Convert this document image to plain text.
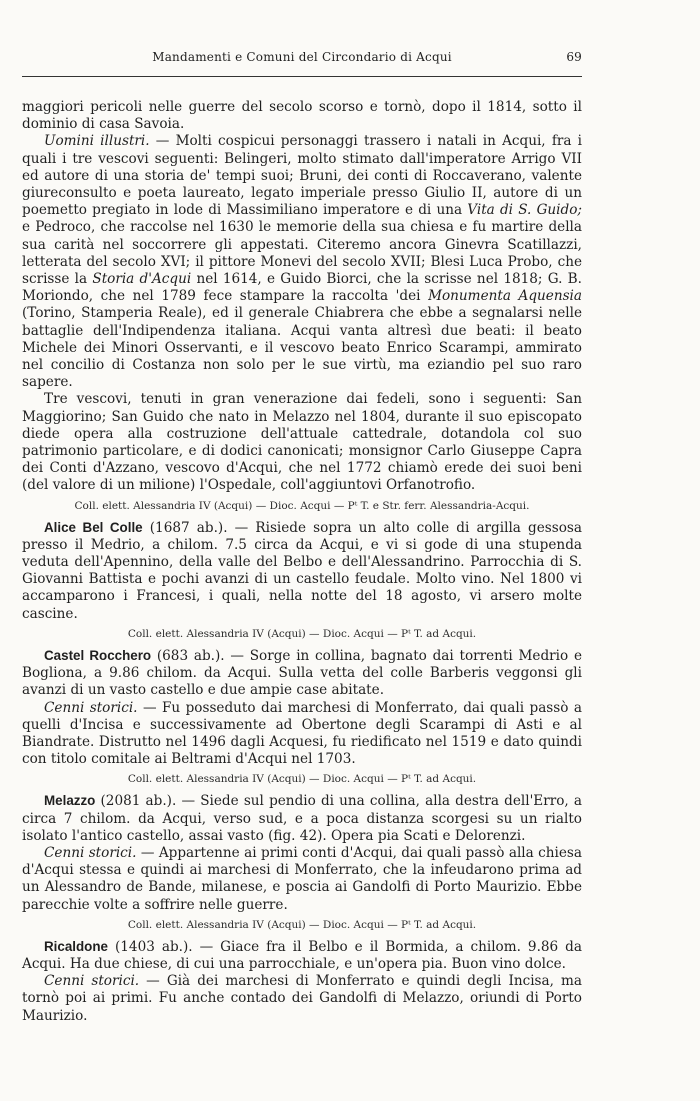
Mandamenti e Comuni del Circondario di Acqui	69

maggiori pericoli nelle guerre del secolo scorso e tornò, dopo il 1814, sotto il dominio di casa Savoia.

Uomini illustri. — Molti cospicui personaggi trassero i natali in Acqui, fra i quali i tre vescovi seguenti: Belingeri, molto stimato dall'imperatore Arrigo VII ed autore di una storia de' tempi suoi; Bruni, dei conti di Roccaverano, valente giureconsulto e poeta laureato, legato imperiale presso Giulio II, autore di un poemetto pregiato in lode di Massimiliano imperatore e di una Vita di S. Guido; e Pedroco, che raccolse nel 1630 le memorie della sua chiesa e fu martire della sua carità nel soccorrere gli appestati. Citeremo ancora Ginevra Scatillazzi, letterata del secolo XVI; il pittore Monevi del secolo XVII; Blesi Luca Probo, che scrisse la Storia d'Acqui nel 1614, e Guido Biorci, che la scrisse nel 1818; G. B. Moriondo, che nel 1789 fece stampare la raccolta 'dei Monumenta Aquensia (Torino, Stamperia Reale), ed il generale Chiabrera che ebbe a segnalarsi nelle battaglie dell'Indipendenza italiana. Acqui vanta altresì due beati: il beato Michele dei Minori Osservanti, e il vescovo beato Enrico Scarampi, ammirato nel concilio di Costanza non solo per le sue virtù, ma eziandio pel suo raro sapere.

Tre vescovi, tenuti in gran venerazione dai fedeli, sono i seguenti: San Maggiorino; San Guido che nato in Melazzo nel 1804, durante il suo episcopato diede opera alla costruzione dell'attuale cattedrale, dotandola col suo patrimonio particolare, e di dodici canonicati; monsignor Carlo Giuseppe Capra dei Conti d'Azzano, vescovo d'Acqui, che nel 1772 chiamò erede dei suoi beni (del valore di un milione) l'Ospedale, coll'aggiuntovi Orfanotrofio.

Coll. elett. Alessandria IV (Acqui) — Dioc. Acqui — Pᵗ T. e Str. ferr. Alessandria-Acqui.

Alice Bel Colle (1687 ab.). — Risiede sopra un alto colle di argilla gessosa presso il Medrio, a chilom. 7.5 circa da Acqui, e vi si gode di una stupenda veduta dell'Apennino, della valle del Belbo e dell'Alessandrino. Parrocchia di S. Giovanni Battista e pochi avanzi di un castello feudale. Molto vino. Nel 1800 vi accamparono i Francesi, i quali, nella notte del 18 agosto, vi arsero molte cascine.

Coll. elett. Alessandria IV (Acqui) — Dioc. Acqui — Pᵗ T. ad Acqui.

Castel Rocchero (683 ab.). — Sorge in collina, bagnato dai torrenti Medrio e Bogliona, a 9.86 chilom. da Acqui. Sulla vetta del colle Barberis veggonsi gli avanzi di un vasto castello e due ampie case abitate.

Cenni storici. — Fu posseduto dai marchesi di Monferrato, dai quali passò a quelli d'Incisa e successivamente ad Obertone degli Scarampi di Asti e al Biandrate. Distrutto nel 1496 dagli Acquesi, fu riedificato nel 1519 e dato quindi con titolo comitale ai Beltrami d'Acqui nel 1703.

Coll. elett. Alessandria IV (Acqui) — Dioc. Acqui — Pᵗ T. ad Acqui.

Melazzo (2081 ab.). — Siede sul pendio di una collina, alla destra dell'Erro, a circa 7 chilom. da Acqui, verso sud, e a poca distanza scorgesi su un rialto isolato l'antico castello, assai vasto (fig. 42). Opera pia Scati e Delorenzi.

Cenni storici. — Appartenne ai primi conti d'Acqui, dai quali passò alla chiesa d'Acqui stessa e quindi ai marchesi di Monferrato, che la infeudarono prima ad un Alessandro de Bande, milanese, e poscia ai Gandolfi di Porto Maurizio. Ebbe parecchie volte a soffrire nelle guerre.

Coll. elett. Alessandria IV (Acqui) — Dioc. Acqui — Pᵗ T. ad Acqui.

Ricaldone (1403 ab.). — Giace fra il Belbo e il Bormida, a chilom. 9.86 da Acqui. Ha due chiese, di cui una parrocchiale, e un'opera pia. Buon vino dolce.

Cenni storici. — Già dei marchesi di Monferrato e quindi degli Incisa, ma tornò poi ai primi. Fu anche contado dei Gandolfi di Melazzo, oriundi di Porto Maurizio.
